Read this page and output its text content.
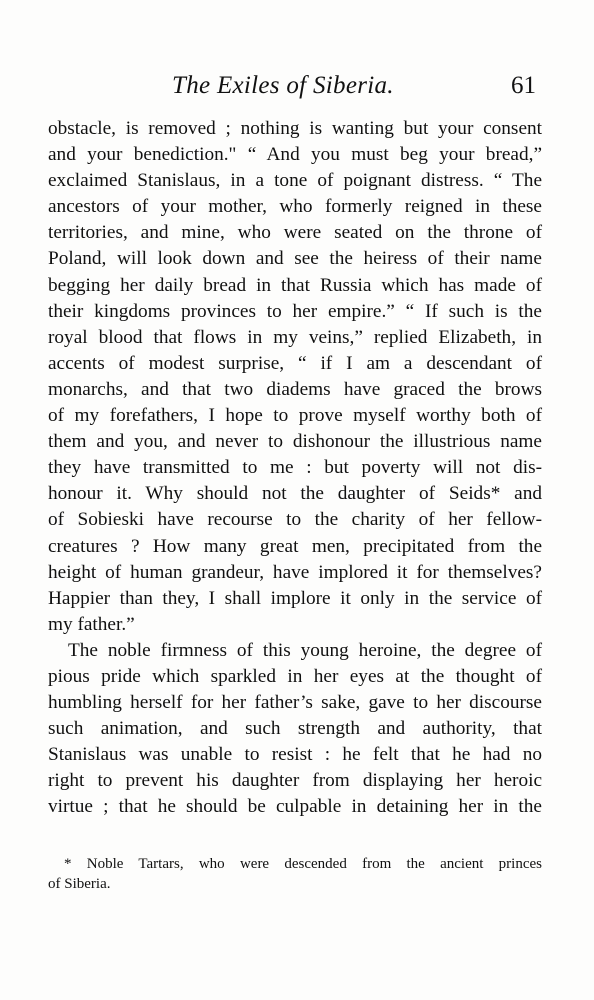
The Exiles of Siberia.	61
obstacle, is removed ; nothing is wanting but your consent
and your benediction." “ And you must beg your bread,”
exclaimed Stanislaus, in a tone of poignant distress. “ The
ancestors of your mother, who formerly reigned in these
territories, and mine, who were seated on the throne of
Poland, will look down and see the heiress of their name
begging her daily bread in that Russia which has made of
their kingdoms provinces to her empire.” “ If such is the
royal blood that flows in my veins,” replied Elizabeth, in
accents of modest surprise, “ if I am a descendant of
monarchs, and that two diadems have graced the brows
of my forefathers, I hope to prove myself worthy both of
them and you, and never to dishonour the illustrious name
they have transmitted to me : but poverty will not dis-
honour it. Why should not the daughter of Seids* and
of Sobieski have recourse to the charity of her fellow-
creatures ? How many great men, precipitated from the
height of human grandeur, have implored it for themselves?
Happier than they, I shall implore it only in the service of
my father.”
The noble firmness of this young heroine, the degree of
pious pride which sparkled in her eyes at the thought of
humbling herself for her father’s sake, gave to her discourse
such animation, and such strength and authority, that
Stanislaus was unable to resist : he felt that he had no
right to prevent his daughter from displaying her heroic
virtue ; that he should be culpable in detaining her in the
* Noble Tartars, who were descended from the ancient princes
of Siberia.
